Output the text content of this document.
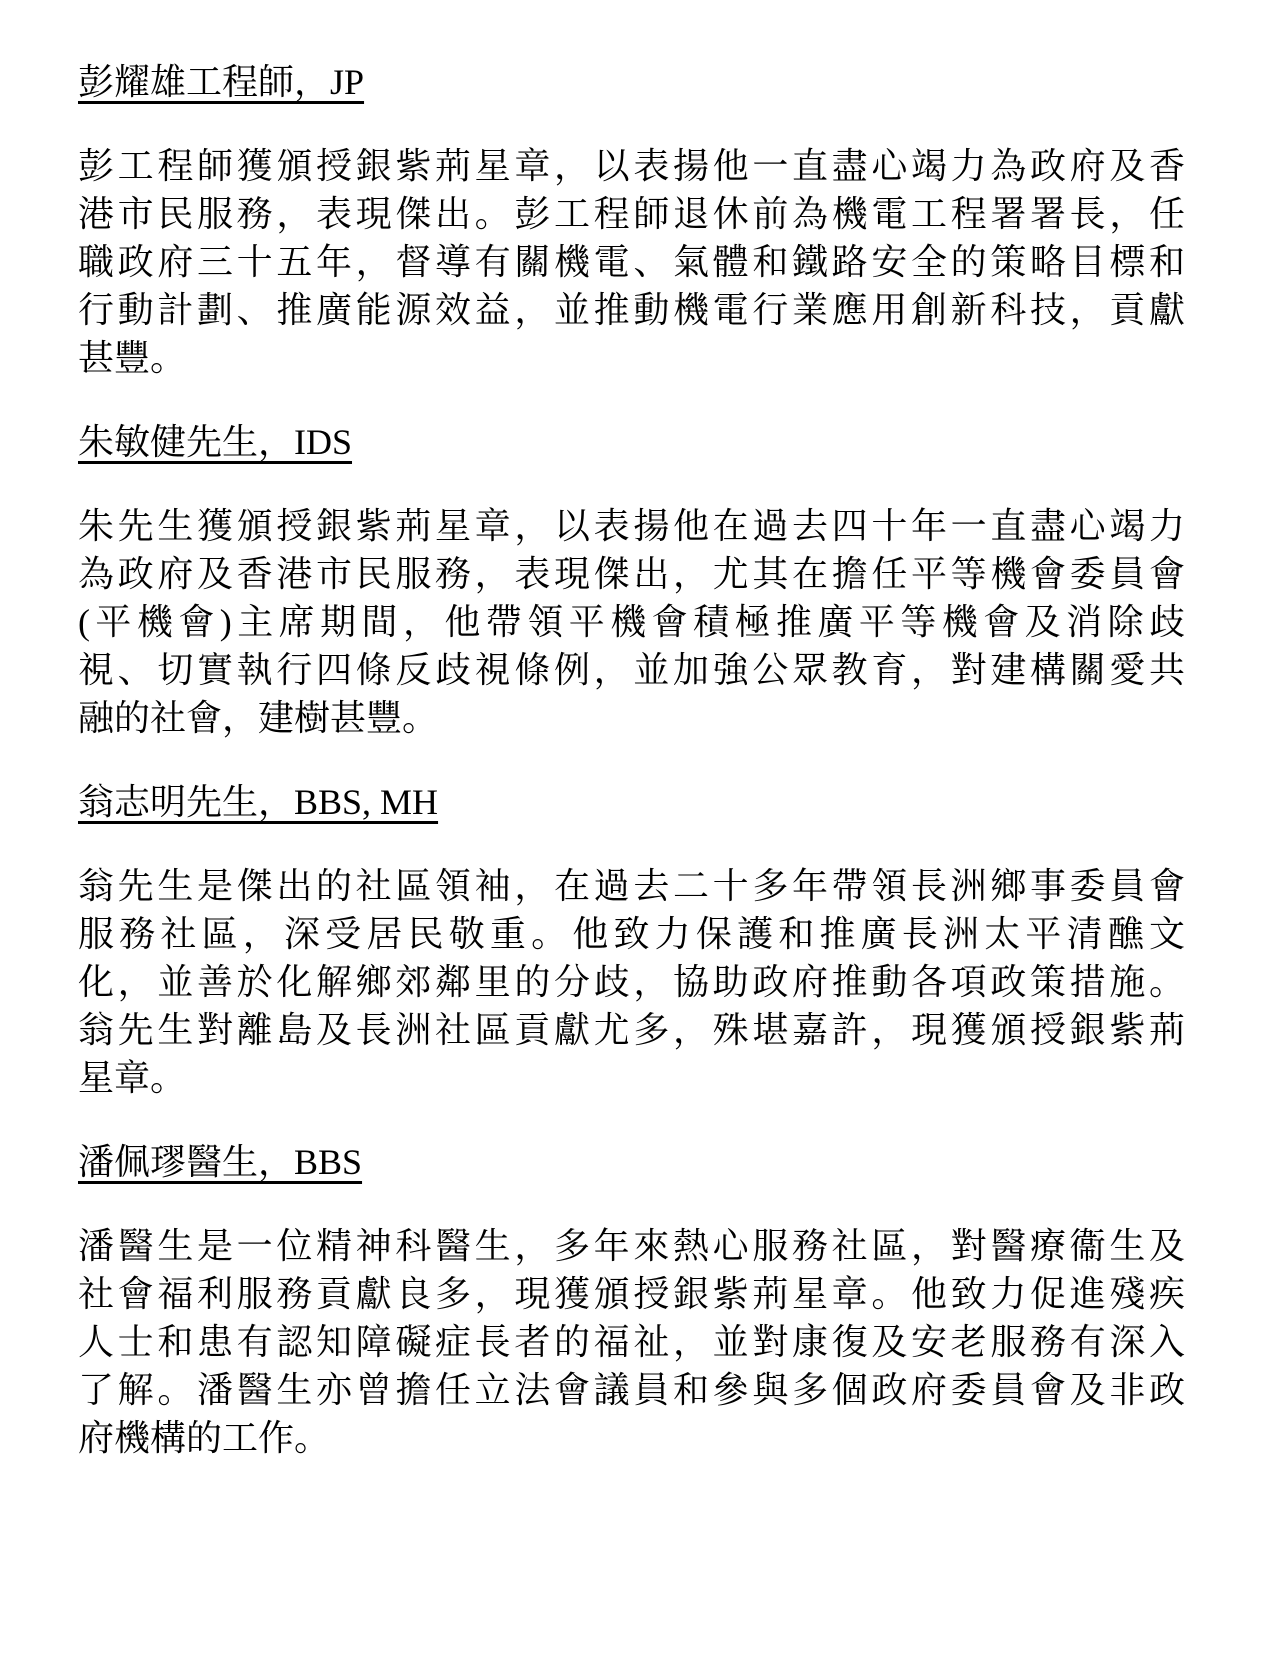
彭耀雄工程師，JP
彭工程師獲頒授銀紫荊星章，以表揚他一直盡心竭力為政府及香
港市民服務，表現傑出。彭工程師退休前為機電工程署署長，任
職政府三十五年，督導有關機電、氣體和鐵路安全的策略目標和
行動計劃、推廣能源效益，並推動機電行業應用創新科技，貢獻
甚豐。
朱敏健先生，IDS
朱先生獲頒授銀紫荊星章，以表揚他在過去四十年一直盡心竭力
為政府及香港市民服務，表現傑出，尤其在擔任平等機會委員會
(平機會)主席期間，他帶領平機會積極推廣平等機會及消除歧
視、切實執行四條反歧視條例，並加強公眾教育，對建構關愛共
融的社會，建樹甚豐。
翁志明先生，BBS, MH
翁先生是傑出的社區領袖，在過去二十多年帶領長洲鄉事委員會
服務社區，深受居民敬重。他致力保護和推廣長洲太平清醮文
化，並善於化解鄉郊鄰里的分歧，協助政府推動各項政策措施。
翁先生對離島及長洲社區貢獻尤多，殊堪嘉許，現獲頒授銀紫荊
星章。
潘佩璆醫生，BBS
潘醫生是一位精神科醫生，多年來熱心服務社區，對醫療衞生及
社會福利服務貢獻良多，現獲頒授銀紫荊星章。他致力促進殘疾
人士和患有認知障礙症長者的福祉，並對康復及安老服務有深入
了解。潘醫生亦曾擔任立法會議員和參與多個政府委員會及非政
府機構的工作。
